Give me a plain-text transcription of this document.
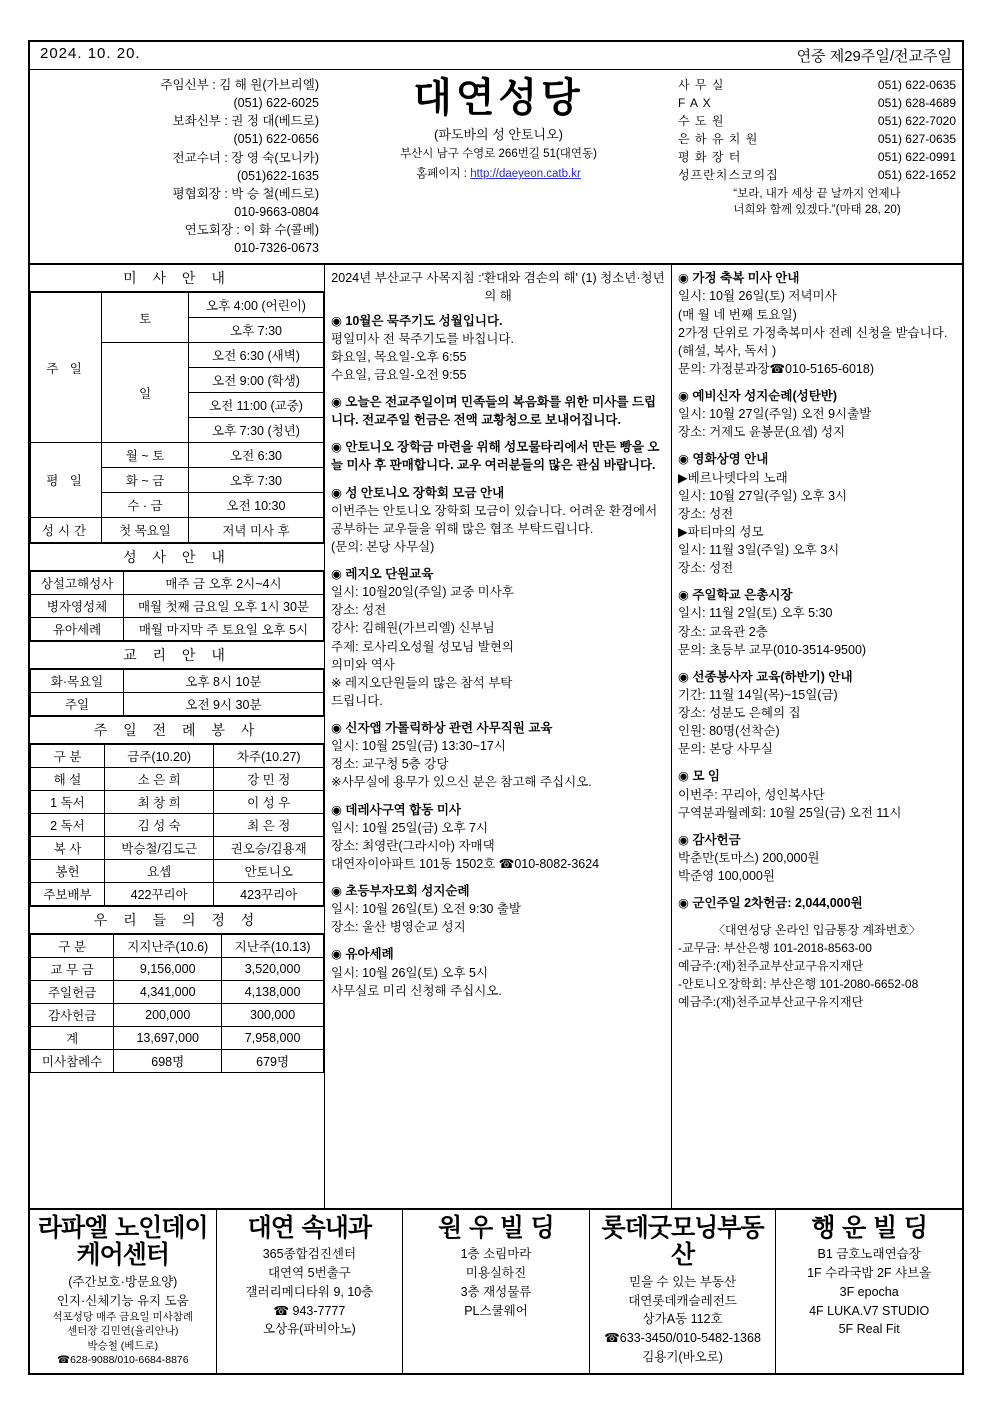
2024. 10. 20.	연중 제29주일/전교주일
주임신부 : 김 해 원(가브리엘)
(051) 622-6025
보좌신부 : 권 정 대(베드로)
(051) 622-0656
전교수녀 : 장 영 숙(모니카)
(051)622-1635
평협회장 : 박 승 철(베드로)
010-9663-0804
연도회장 : 이 화 수(콜베)
010-7326-0673
대연성당
(파도바의 성 안토니오)
부산시 남구 수영로 266번길 51(대연동)
홈페이지 : http://daeyeon.catb.kr
사 무 실	051) 622-0635
F A X	051) 628-4689
수 도 원	051) 622-7020
은 하 유 치 원	051) 627-0635
평 화 장 터	051) 622-0991
성프란치스코의집	051) 622-1652
“보라, 내가 세상 끝 날까지 언제나
너희와 함께 있겠다.”(마태 28, 20)
미 사 안 내
주 일	토	오후 4:00 (어린이)
		오후 7:30
	일	오전 6:30 (새벽)
		오전 9:00 (학생)
		오전 11:00 (교중)
		오후 7:30 (청년)
평 일	월 ~ 토	오전 6:30
	화 ~ 금	오후 7:30
	수 · 금	오전 10:30
성시간	첫 목요일	저녁 미사 후
성 사 안 내
상설고해성사	매주 금 오후 2시~4시
병자영성체	매월 첫째 금요일 오후 1시 30분
유아세례	매월 마지막 주 토요일 오후 5시
교 리 안 내
화·목요일	오후 8시 10분
주일	오전 9시 30분
주 일 전 례 봉 사
구 분	금주(10.20)	차주(10.27)
해 설	소 은 희	강 민 정
1 독서	최 창 희	이 성 우
2 독서	김 성 숙	최 은 정
복 사	박승철/김도근	권오승/김용재
봉헌	요셉	안토니오
주보배부	422꾸리아	423꾸리아
우 리 들 의 정 성
구 분	지지난주(10.6)	지난주(10.13)
교 무 금	9,156,000	3,520,000
주일헌금	4,341,000	4,138,000
감사헌금	200,000	300,000
계	13,697,000	7,958,000
미사참례수	698명	679명
2024년 부산교구 사목지침 :'환대와 겸손의 해' (1) 청소년·청년의 해
◉ 10월은 묵주기도 성월입니다.
평일미사 전 묵주기도를 바칩니다.
화요일, 목요일-오후 6:55
수요일, 금요일-오전 9:55
◉ 오늘은 전교주일이며 민족들의 복음화를 위한 미사를 드립니다. 전교주일 헌금은 전액 교황청으로 보내어집니다.
◉ 안토니오 장학금 마련을 위해 성모물타리에서 만든 빵을 오늘 미사 후 판매합니다. 교우 여러분들의 많은 관심 바랍니다.
◉ 성 안토니오 장학회 모금 안내
이번주는 안토니오 장학회 모금이 있습니다. 어려운 환경에서 공부하는 교우들을 위해 많은 협조 부탁드립니다.
(문의: 본당 사무실)
◉ 레지오 단원교육
일시: 10월20일(주일) 교중 미사후
장소: 성전
강사: 김해원(가브리엘) 신부님
주제: 로사리오성월 성모님 발현의
의미와 역사
※ 레지오단원들의 많은 참석 부탁
드립니다.
◉ 신자앱 가톨릭하상 관련 사무직원 교육
일시: 10월 25일(금) 13:30~17시
정소: 교구청 5층 강당
※사무실에 용무가 있으신 분은 참고해 주십시오.
◉ 데레사구역 합동 미사
일시: 10월 25일(금) 오후 7시
장소: 최영란(그라시아) 자매댁
대연자이아파트 101동 1502호 ☎010-8082-3624
◉ 초등부자모회 성지순례
일시: 10월 26일(토) 오전 9:30 출발
장소: 울산 병영순교 성지
◉ 유아세례
일시: 10월 26일(토) 오후 5시
사무실로 미리 신청해 주십시오.
◉ 가정 축복 미사 안내
일시: 10월 26일(토) 저녁미사
(매 월 네 번째 토요일)
2가정 단위로 가정축복미사 전례 신청을 받습니다.(해설, 복사, 독서 )
문의: 가정분과장☎010-5165-6018)
◉ 예비신자 성지순례(성탄반)
일시: 10월 27일(주일) 오전 9시출발
장소: 거제도 윤봉문(요셉) 성지
◉ 영화상영 안내
▶베르나뎃다의 노래
일시: 10월 27일(주일) 오후 3시
장소: 성전
▶파티마의 성모
일시: 11월 3일(주일) 오후 3시
장소: 성전
◉ 주일학교 은총시장
일시: 11월 2일(토) 오후 5:30
장소: 교육관 2층
문의: 초등부 교무(010-3514-9500)
◉ 선종봉사자 교육(하반기) 안내
기간: 11월 14일(목)~15일(금)
장소: 성분도 은혜의 집
인원: 80명(선착순)
문의: 본당 사무실
◉ 모 임
이번주: 꾸리아, 성인복사단
구역분과월례회: 10월 25일(금) 오전 11시
◉ 감사헌금
박춘만(토마스) 200,000원
박준영 100,000원
◉ 군인주일 2차헌금: 2,044,000원
〈대연성당 온라인 입금통장 계좌번호〉
-교무금: 부산은행 101-2018-8563-00
예금주:(재)천주교부산교구유지재단
-안토니오장학회: 부산은행 101-2080-6652-08
예금주:(재)천주교부산교구유지재단
라파엘 노인데이케어센터
(주간보호·방문요양)
인지·신체기능 유지 도움
석포성당 매주 금요일 미사참례
센터장 김민연(율리안나)
박승철 (베드로)
☎628-9088/010-6684-8876
대연 속내과
365종합검진센터
대연역 5번출구
갤러리메디타워 9, 10층
☎ 943-7777
오상유(파비아노)
원 우 빌 딩
1층 소림마라
미용실하진
3층 재성물류
PL스쿨웨어
롯데굿모닝부동산
믿을 수 있는 부동산
대연롯데캐슬레전드
상가A동 112호
☎633-3450/010-5482-1368
김용기(바오로)
행 운 빌 딩
B1 금호노래연습장
1F 수라국밥 2F 샤브올
3F epocha
4F LUKA.V7 STUDIO
5F Real Fit
